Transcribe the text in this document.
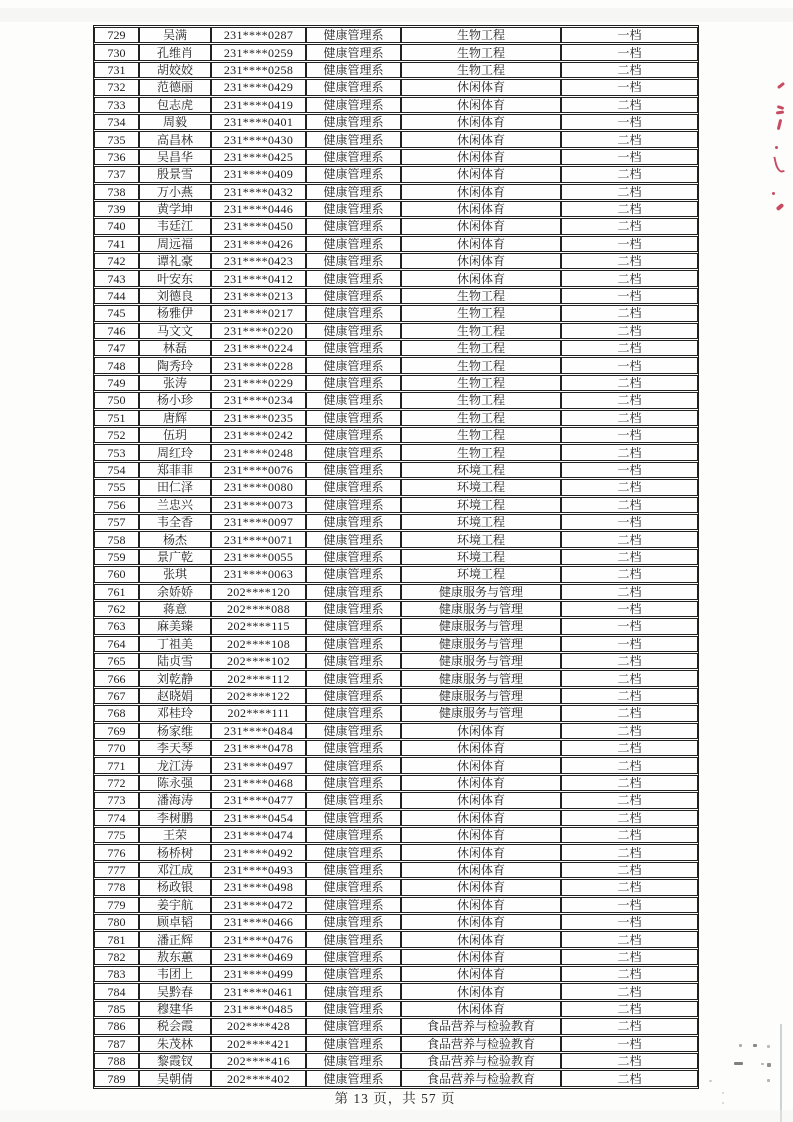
729	吴满	231****0287	健康管理系	生物工程	一档
730	孔维肖	231****0259	健康管理系	生物工程	一档
731	胡姣姣	231****0258	健康管理系	生物工程	二档
732	范德丽	231****0429	健康管理系	休闲体育	一档
733	包志虎	231****0419	健康管理系	休闲体育	二档
734	周毅	231****0401	健康管理系	休闲体育	一档
735	高昌林	231****0430	健康管理系	休闲体育	二档
736	吴昌华	231****0425	健康管理系	休闲体育	一档
737	殷景雪	231****0409	健康管理系	休闲体育	二档
738	万小燕	231****0432	健康管理系	休闲体育	二档
739	黄学坤	231****0446	健康管理系	休闲体育	二档
740	韦廷江	231****0450	健康管理系	休闲体育	二档
741	周远福	231****0426	健康管理系	休闲体育	一档
742	谭礼豪	231****0423	健康管理系	休闲体育	二档
743	叶安东	231****0412	健康管理系	休闲体育	二档
744	刘德良	231****0213	健康管理系	生物工程	一档
745	杨雅伊	231****0217	健康管理系	生物工程	二档
746	马文文	231****0220	健康管理系	生物工程	二档
747	林磊	231****0224	健康管理系	生物工程	二档
748	陶秀玲	231****0228	健康管理系	生物工程	一档
749	张涛	231****0229	健康管理系	生物工程	二档
750	杨小珍	231****0234	健康管理系	生物工程	二档
751	唐辉	231****0235	健康管理系	生物工程	二档
752	伍玥	231****0242	健康管理系	生物工程	一档
753	周红玲	231****0248	健康管理系	生物工程	二档
754	郑菲菲	231****0076	健康管理系	环境工程	一档
755	田仁泽	231****0080	健康管理系	环境工程	二档
756	兰忠兴	231****0073	健康管理系	环境工程	二档
757	韦全香	231****0097	健康管理系	环境工程	一档
758	杨杰	231****0071	健康管理系	环境工程	二档
759	景广乾	231****0055	健康管理系	环境工程	二档
760	张琪	231****0063	健康管理系	环境工程	二档
761	余娇娇	202****120	健康管理系	健康服务与管理	二档
762	蒋意	202****088	健康管理系	健康服务与管理	一档
763	麻美臻	202****115	健康管理系	健康服务与管理	一档
764	丁祖美	202****108	健康管理系	健康服务与管理	一档
765	陆贞雪	202****102	健康管理系	健康服务与管理	二档
766	刘乾静	202****112	健康管理系	健康服务与管理	二档
767	赵晓娟	202****122	健康管理系	健康服务与管理	二档
768	邓桂玲	202****111	健康管理系	健康服务与管理	二档
769	杨家维	231****0484	健康管理系	休闲体育	二档
770	李天琴	231****0478	健康管理系	休闲体育	二档
771	龙江涛	231****0497	健康管理系	休闲体育	二档
772	陈永强	231****0468	健康管理系	休闲体育	二档
773	潘海涛	231****0477	健康管理系	休闲体育	二档
774	李树鹏	231****0454	健康管理系	休闲体育	二档
775	王荣	231****0474	健康管理系	休闲体育	二档
776	杨桥树	231****0492	健康管理系	休闲体育	二档
777	邓江成	231****0493	健康管理系	休闲体育	二档
778	杨政银	231****0498	健康管理系	休闲体育	二档
779	姜宇航	231****0472	健康管理系	休闲体育	一档
780	顾卓韬	231****0466	健康管理系	休闲体育	一档
781	潘正辉	231****0476	健康管理系	休闲体育	二档
782	敖东蕙	231****0469	健康管理系	休闲体育	二档
783	韦团上	231****0499	健康管理系	休闲体育	二档
784	吴黔春	231****0461	健康管理系	休闲体育	二档
785	穆建华	231****0485	健康管理系	休闲体育	二档
786	税会霞	202****428	健康管理系	食品营养与检验教育	二档
787	朱茂林	202****421	健康管理系	食品营养与检验教育	一档
788	黎霞钗	202****416	健康管理系	食品营养与检验教育	二档
789	吴朝倩	202****402	健康管理系	食品营养与检验教育	二档
第 13 页，共 57 页
